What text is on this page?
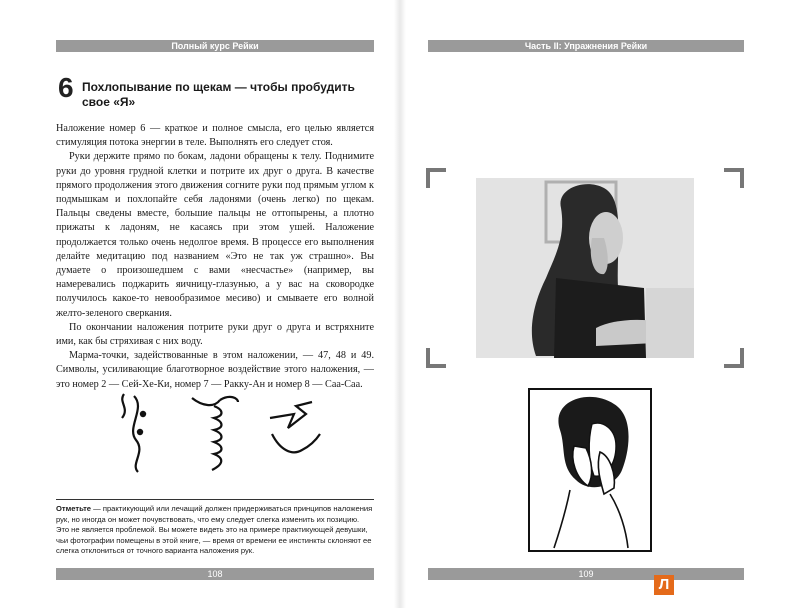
Полный курс Рейки
6 Похлопывание по щекам — чтобы пробудить свое «Я»

Наложение номер 6 — краткое и полное смысла, его целью является стимуляция потока энергии в теле. Выполнять его следует стоя.

Руки держите прямо по бокам, ладони обращены к телу. Поднимите руки до уровня грудной клетки и потрите их друг о друга. В качестве прямого продолжения этого движения согните руки под прямым углом к подмышкам и похлопайте себя ладонями (очень легко) по щекам. Пальцы сведены вместе, большие пальцы не оттопырены, а плотно прижаты к ладоням, не касаясь при этом ушей. Наложение продолжается только очень недолгое время. В процессе его выполнения делайте медитацию под названием «Это не так уж страшно». Вы думаете о произошедшем с вами «несчастье» (например, вы намеревались поджарить яичницу-глазунью, а у вас на сковородке получилось какое-то невообразимое месиво) и смываете его волной желто-зеленого сверкания.

По окончании наложения потрите руки друг о друга и встряхните ими, как бы стряхивая с них воду.

Марма-точки, задействованные в этом наложении, — 47, 48 и 49. Символы, усиливающие благотворное воздействие этого наложения, — это номер 2 — Сей-Хе-Ки, номер 7 — Ракку-Ан и номер 8 — Саа-Саа.

Отметьте — практикующий или лечащий должен придерживаться принципов наложения рук, но иногда он может почувствовать, что ему следует слегка изменить их позицию. Это не является проблемой. Вы можете видеть это на примере практикующей девушки, чьи фотографии помещены в этой книге, — время от времени ее инстинкты склоняют ее слегка отклониться от точного варианта наложения рук.
108
Часть II: Упражнения Рейки
109
Л
